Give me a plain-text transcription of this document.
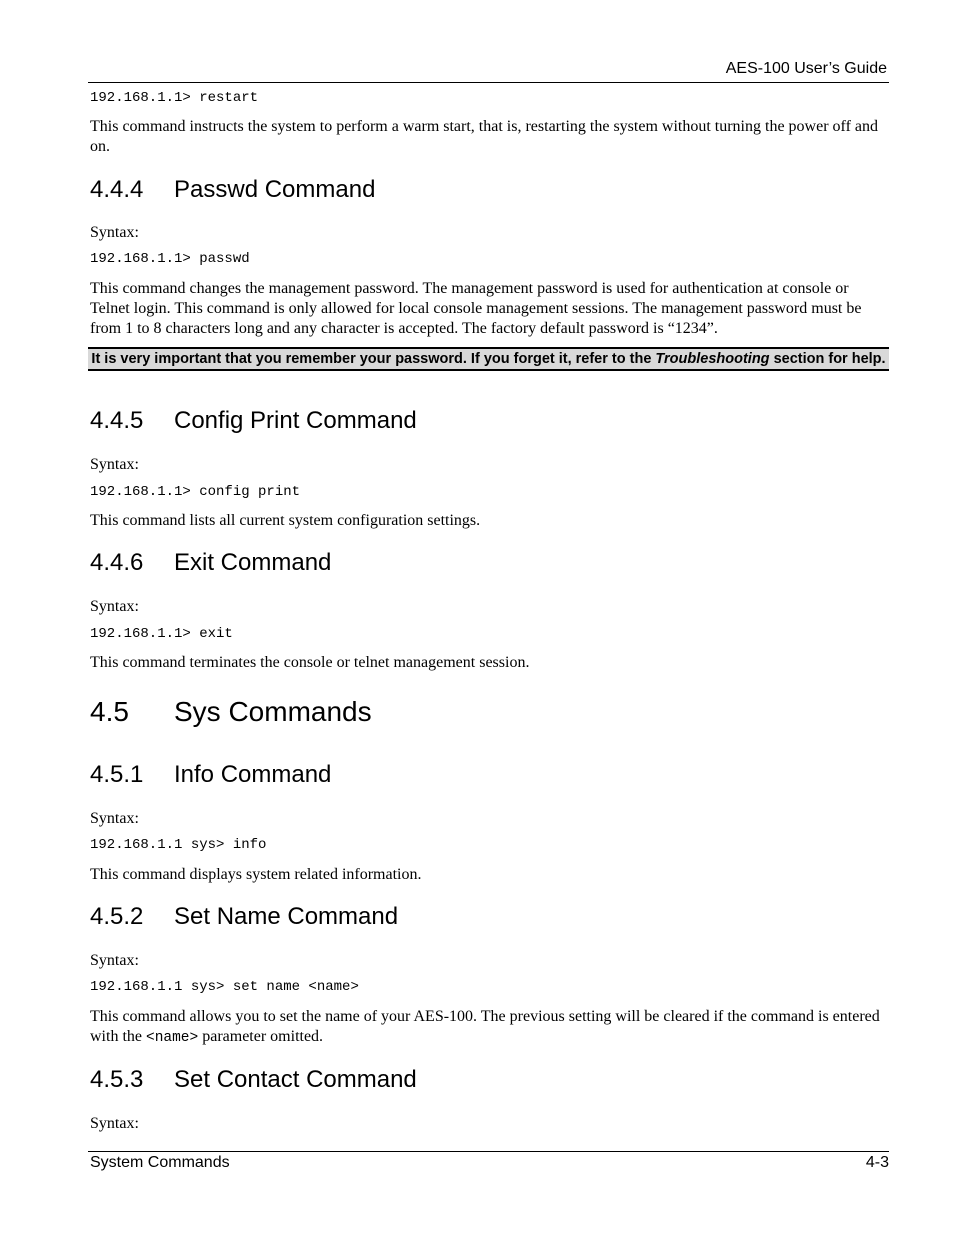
AES-100 User’s Guide

192.168.1.1> restart

This command instructs the system to perform a warm start, that is, restarting the system without turning the power off and on.

4.4.4	Passwd Command

Syntax:

192.168.1.1> passwd

This command changes the management password. The management password is used for authentication at console or Telnet login. This command is only allowed for local console management sessions. The management password must be from 1 to 8 characters long and any character is accepted. The factory default password is “1234”.

It is very important that you remember your password. If you forget it, refer to the Troubleshooting section for help.
4.4.5	Config Print Command

Syntax:

192.168.1.1> config print

This command lists all current system configuration settings.

4.4.6	Exit Command

Syntax:

192.168.1.1> exit

This command terminates the console or telnet management session.

4.5	Sys Commands
4.5.1	Info Command

Syntax:

192.168.1.1 sys> info

This command displays system related information.

4.5.2	Set Name Command

Syntax:

192.168.1.1 sys> set name <name>

This command allows you to set the name of your AES-100. The previous setting will be cleared if the command is entered with the <name> parameter omitted.

4.5.3	Set Contact Command

Syntax:

System Commands	4-3
